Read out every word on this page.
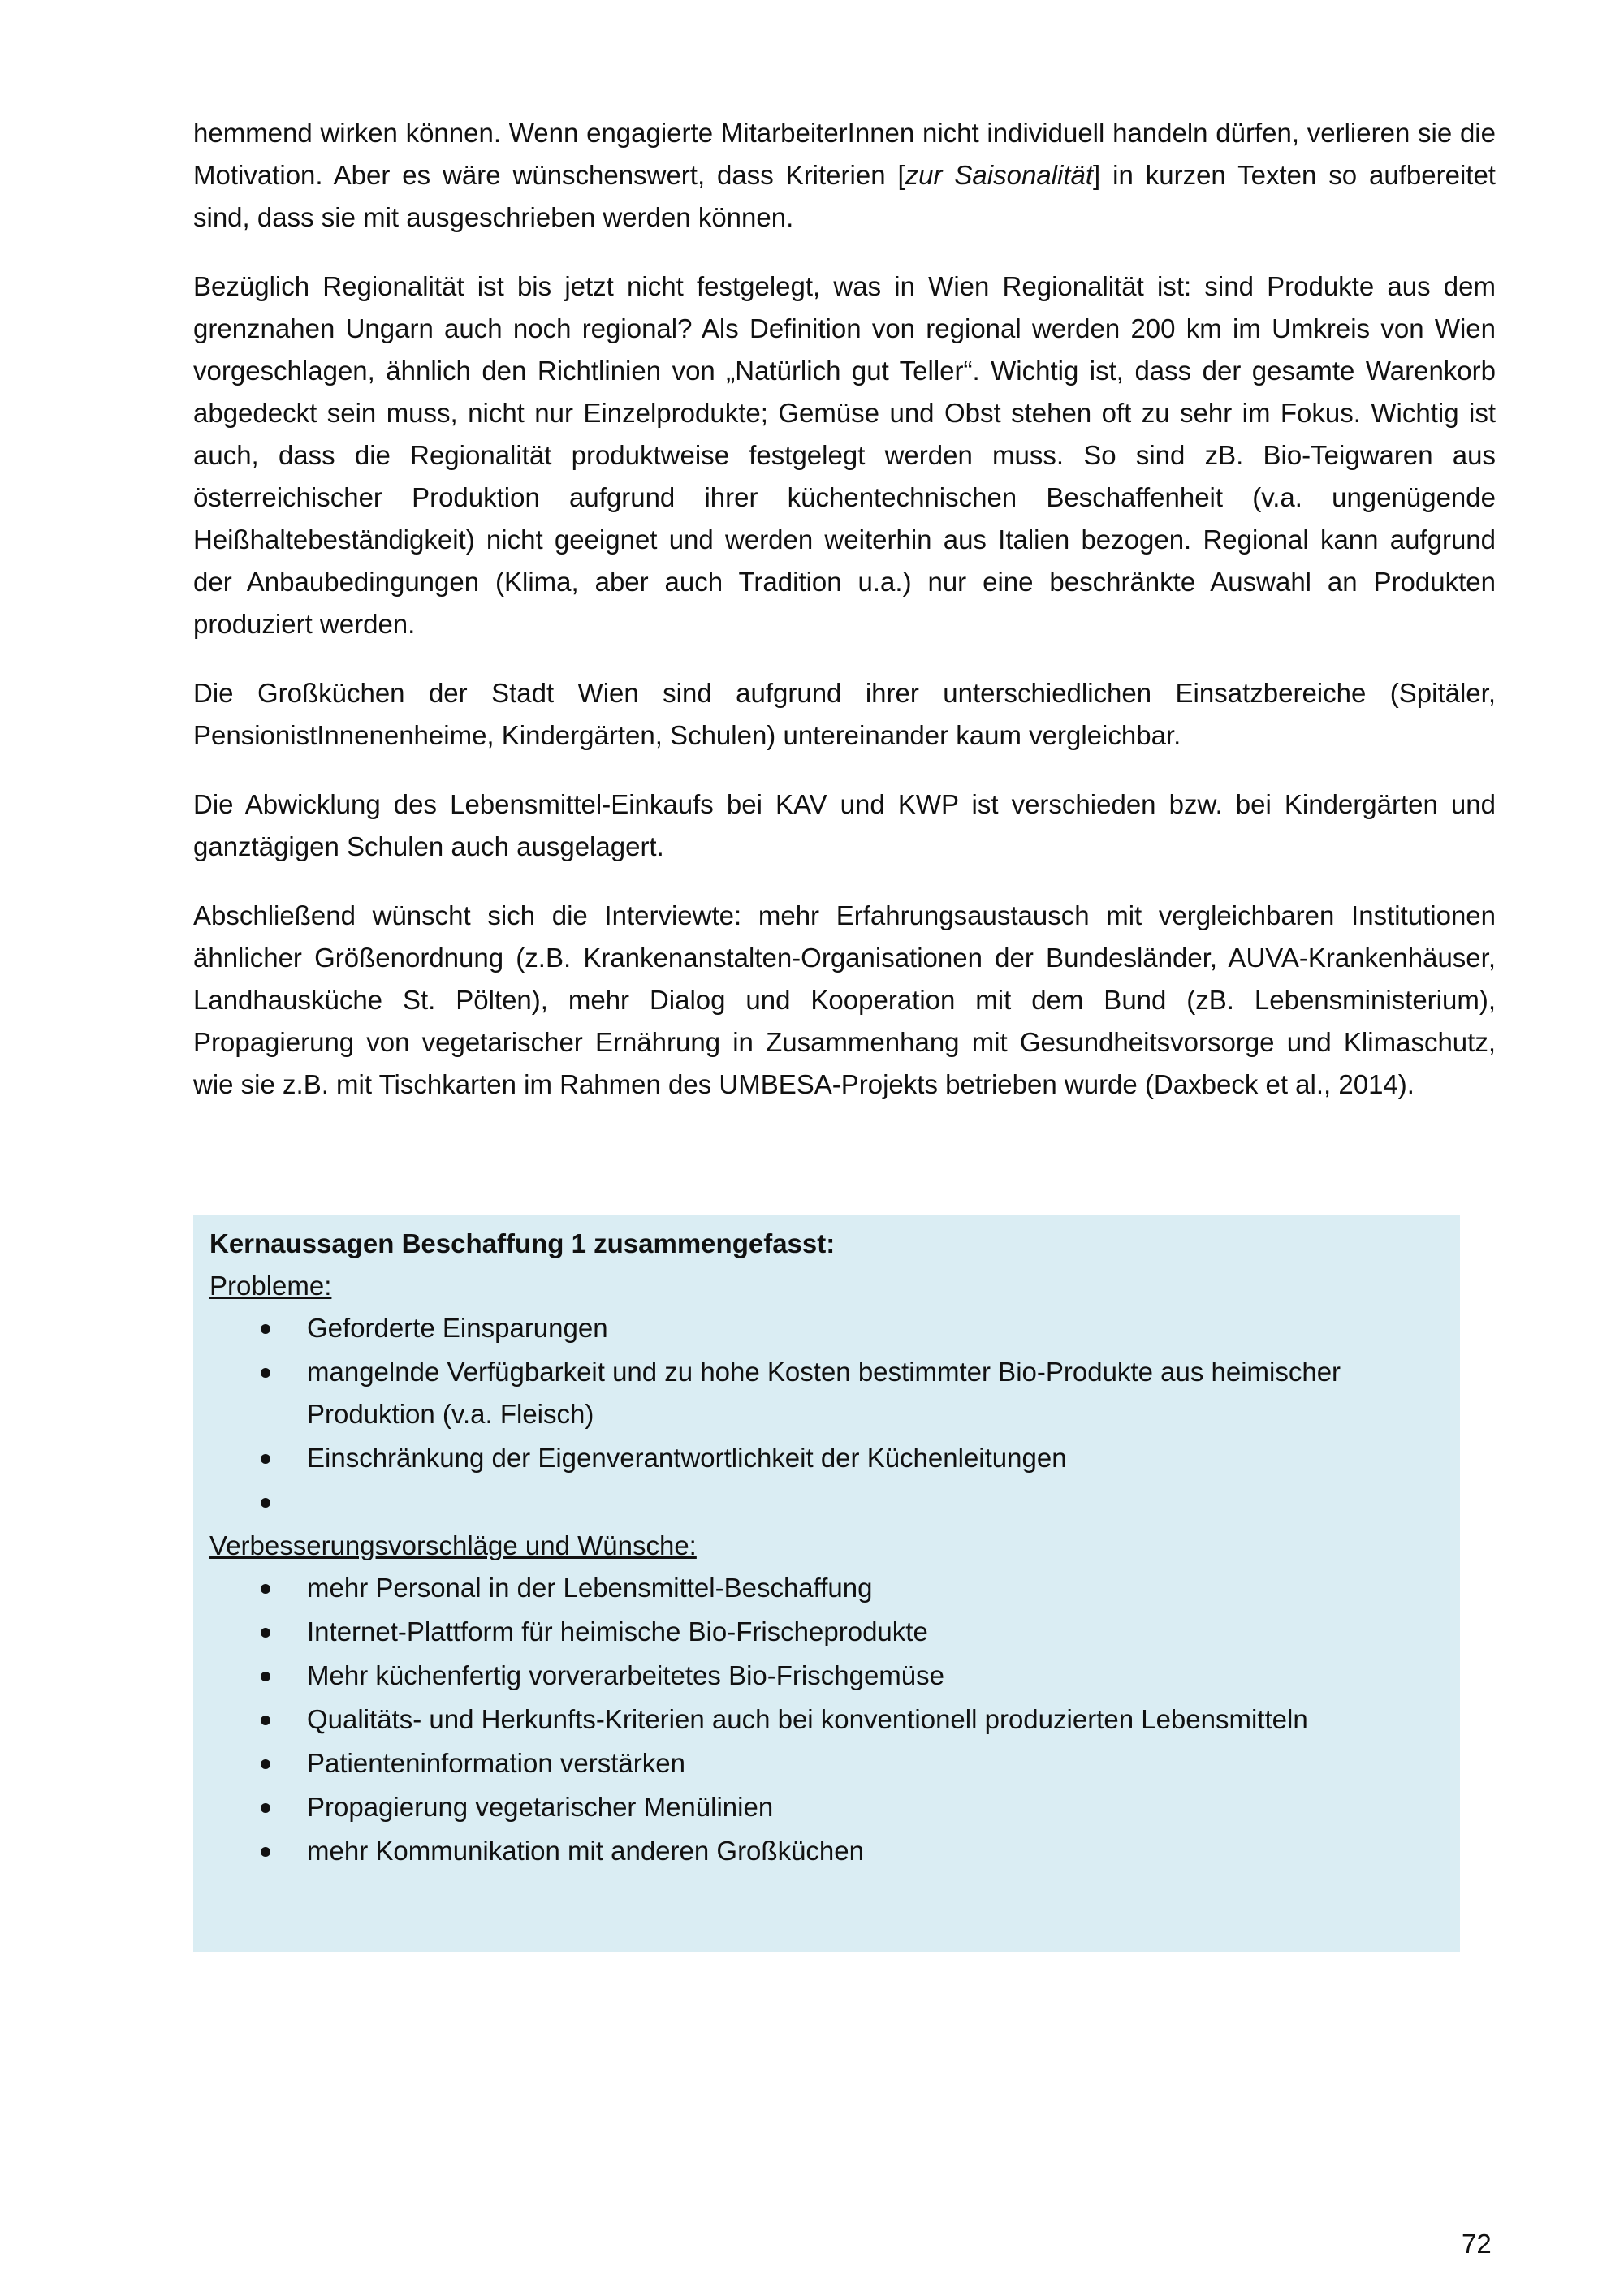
hemmend wirken können. Wenn engagierte MitarbeiterInnen nicht individuell handeln dürfen, verlieren sie die Motivation. Aber es wäre wünschenswert, dass Kriterien [zur Saisonalität] in kurzen Texten so aufbereitet sind, dass sie mit ausgeschrieben werden können.

Bezüglich Regionalität ist bis jetzt nicht festgelegt, was in Wien Regionalität ist: sind Produkte aus dem grenznahen Ungarn auch noch regional? Als Definition von regional werden 200 km im Umkreis von Wien vorgeschlagen, ähnlich den Richtlinien von „Natürlich gut Teller“. Wichtig ist, dass der gesamte Warenkorb abgedeckt sein muss, nicht nur Einzelprodukte; Gemüse und Obst stehen oft zu sehr im Fokus. Wichtig ist auch, dass die Regionalität produktweise festgelegt werden muss. So sind zB. Bio-Teigwaren aus österreichischer Produktion aufgrund ihrer küchentechnischen Beschaffenheit (v.a. ungenügende Heißhaltebeständigkeit) nicht geeignet und werden weiterhin aus Italien bezogen. Regional kann aufgrund der Anbaubedingungen (Klima, aber auch Tradition u.a.) nur eine beschränkte Auswahl an Produkten produziert werden.

Die Großküchen der Stadt Wien sind aufgrund ihrer unterschiedlichen Einsatzbereiche (Spitäler, PensionistInnenenheime, Kindergärten, Schulen) untereinander kaum vergleichbar.

Die Abwicklung des Lebensmittel-Einkaufs bei KAV und KWP ist verschieden bzw. bei Kindergärten und ganztägigen Schulen auch ausgelagert.

Abschließend wünscht sich die Interviewte: mehr Erfahrungsaustausch mit vergleichbaren Institutionen ähnlicher Größenordnung (z.B. Krankenanstalten-Organisationen der Bundesländer, AUVA-Krankenhäuser, Landhausküche St. Pölten), mehr Dialog und Kooperation mit dem Bund (zB. Lebensministerium), Propagierung von vegetarischer Ernährung in Zusammenhang mit Gesundheitsvorsorge und Klimaschutz, wie sie z.B. mit Tischkarten im Rahmen des UMBESA-Projekts betrieben wurde (Daxbeck et al., 2014).

Kernaussagen Beschaffung 1 zusammengefasst:

Probleme:

Geforderte Einsparungen
mangelnde Verfügbarkeit und zu hohe Kosten bestimmter Bio-Produkte aus heimischer Produktion (v.a. Fleisch)
Einschränkung der Eigenverantwortlichkeit der Küchenleitungen

Verbesserungsvorschläge und Wünsche:

mehr Personal in der Lebensmittel-Beschaffung
Internet-Plattform für heimische Bio-Frischeprodukte
Mehr küchenfertig vorverarbeitetes Bio-Frischgemüse
Qualitäts- und Herkunfts-Kriterien auch bei konventionell produzierten Lebensmitteln
Patienteninformation verstärken
Propagierung vegetarischer Menülinien
mehr Kommunikation mit anderen Großküchen
72
